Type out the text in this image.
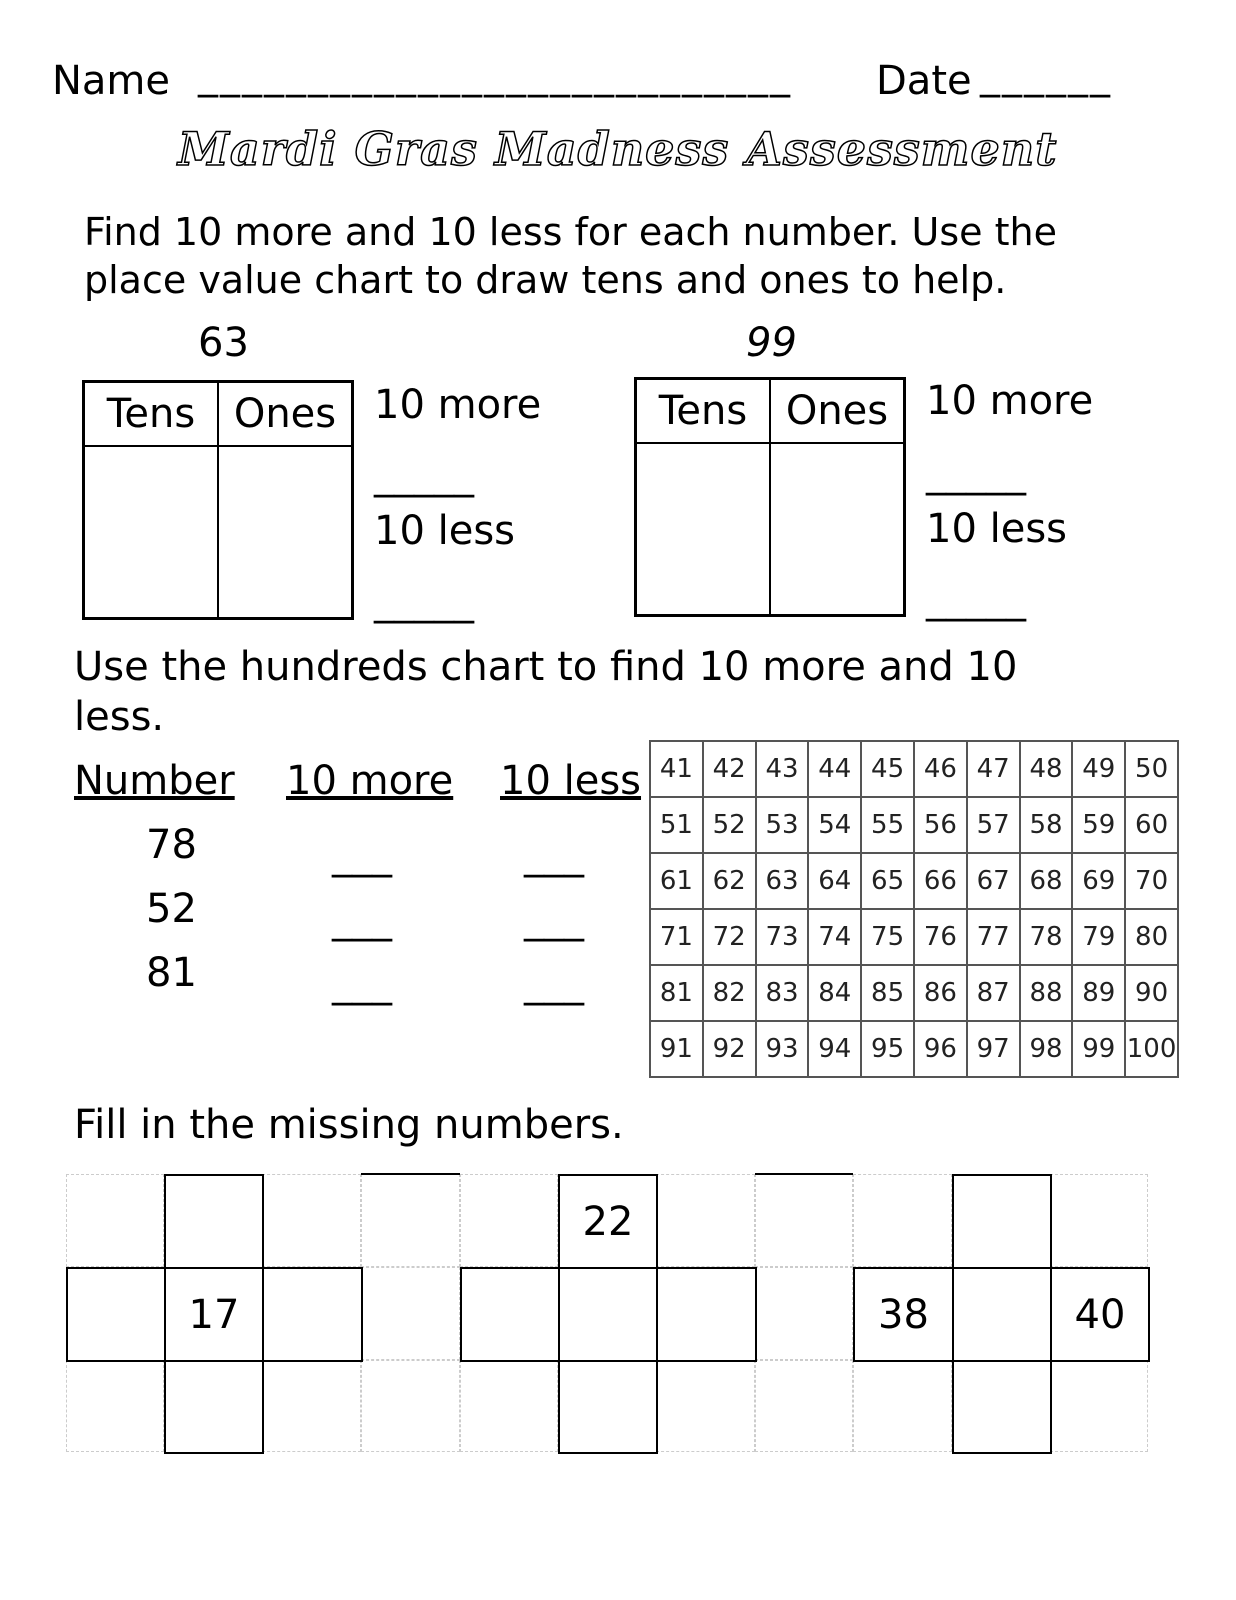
Name ___________________________ Date ______
Mardi Gras Madness Assessment
Find 10 more and 10 less for each number. Use the
place value chart to draw tens and ones to help.
63
Tens Ones 10 more
_____
10 less
_____
99
Tens Ones 10 more
_____
10 less
_____
Use the hundreds chart to find 10 more and 10
less.
Number 10 more 10 less
78	___	___
52	___	___
81	___	___
41 42 43 44 45 46 47 48 49 50
51 52 53 54 55 56 57 58 59 60
61 62 63 64 65 66 67 68 69 70
71 72 73 74 75 76 77 78 79 80
81 82 83 84 85 86 87 88 89 90
91 92 93 94 95 96 97 98 99 100
Fill in the missing numbers.
17
22
38	40
